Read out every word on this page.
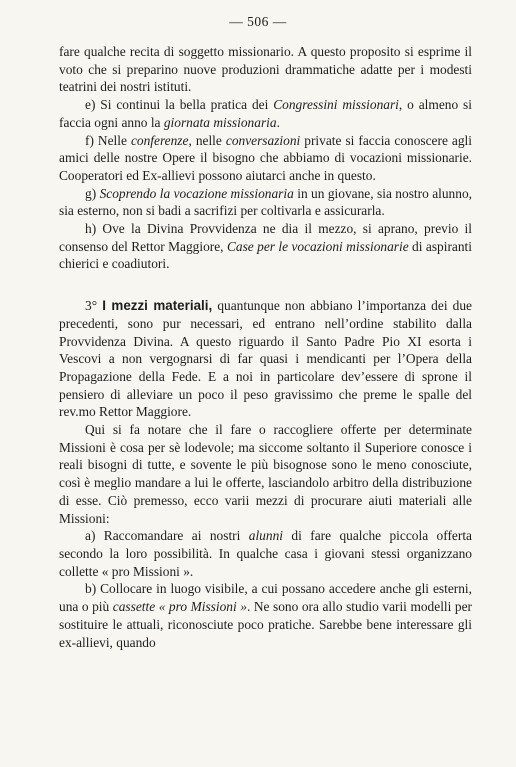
— 506 —

fare qualche recita di soggetto missionario. A questo proposito si esprime il voto che si preparino nuove produzioni drammatiche adatte per i modesti teatrini dei nostri istituti.

e) Si continui la bella pratica dei Congressini missionari, o almeno si faccia ogni anno la giornata missionaria.

f) Nelle conferenze, nelle conversazioni private si faccia conoscere agli amici delle nostre Opere il bisogno che abbiamo di vocazioni missionarie. Cooperatori ed Ex-allievi possono aiutarci anche in questo.

g) Scoprendo la vocazione missionaria in un giovane, sia nostro alunno, sia esterno, non si badi a sacrifizi per coltivarla e assicurarla.

h) Ove la Divina Provvidenza ne dia il mezzo, si aprano, previo il consenso del Rettor Maggiore, Case per le vocazioni missionarie di aspiranti chierici e coadiutori.

3° I mezzi materiali, quantunque non abbiano l’importanza dei due precedenti, sono pur necessari, ed entrano nell’ordine stabilito dalla Provvidenza Divina. A questo riguardo il Santo Padre Pio XI esorta i Vescovi a non vergognarsi di far quasi i mendicanti per l’Opera della Propagazione della Fede. E a noi in particolare dev’essere di sprone il pensiero di alleviare un poco il peso gravissimo che preme le spalle del rev.mo Rettor Maggiore.

Qui si fa notare che il fare o raccogliere offerte per determinate Missioni è cosa per sè lodevole; ma siccome soltanto il Superiore conosce i reali bisogni di tutte, e sovente le più bisognose sono le meno conosciute, così è meglio mandare a lui le offerte, lasciandolo arbitro della distribuzione di esse. Ciò premesso, ecco varii mezzi di procurare aiuti materiali alle Missioni:

a) Raccomandare ai nostri alunni di fare qualche piccola offerta secondo la loro possibilità. In qualche casa i giovani stessi organizzano collette « pro Missioni ».

b) Collocare in luogo visibile, a cui possano accedere anche gli esterni, una o più cassette « pro Missioni ». Ne sono ora allo studio varii modelli per sostituire le attuali, riconosciute poco pratiche. Sarebbe bene interessare gli ex-allievi, quando
